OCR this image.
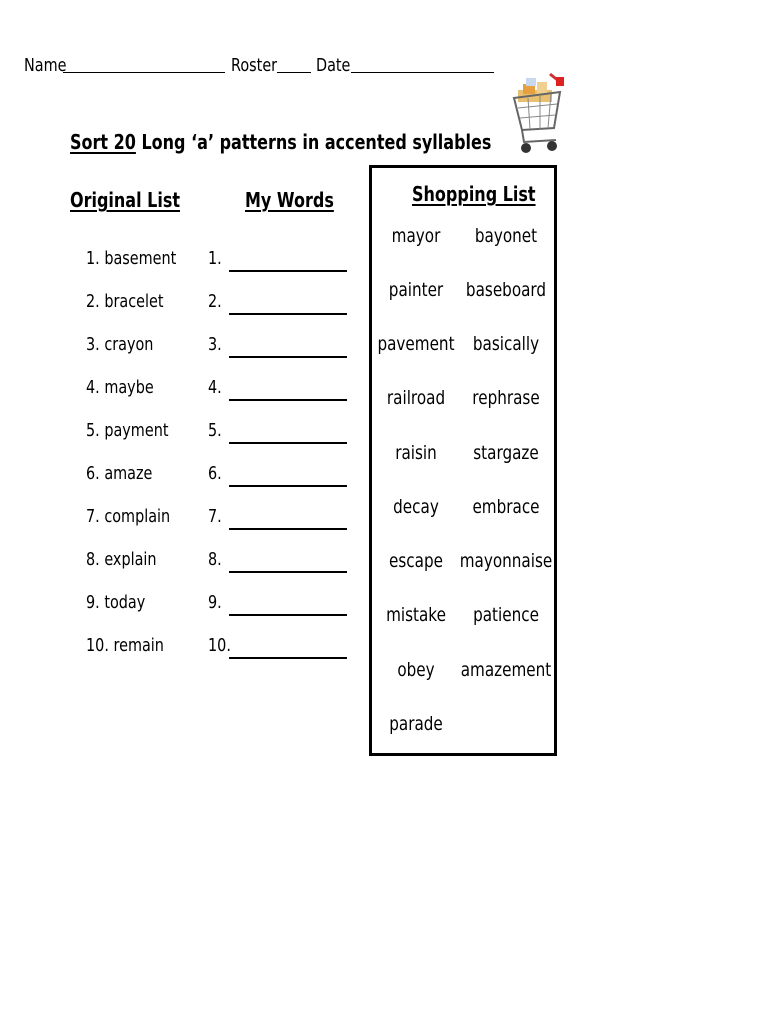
Name	Roster Date
Sort 20 Long ‘a’ patterns in accented syllables
Original List	My Words
1. basement
2. bracelet
3. crayon
4. maybe
5. payment
6. amaze
7. complain
8. explain
9. today
10. remain
1.
2.
3.
4.
5.
6.
7.
8.
9.
10.
Shopping List
mayor
painter
pavement
railroad
raisin
decay
escape
mistake
obey
parade
bayonet
baseboard
basically
rephrase
stargaze
embrace
mayonnaise
patience
amazement
